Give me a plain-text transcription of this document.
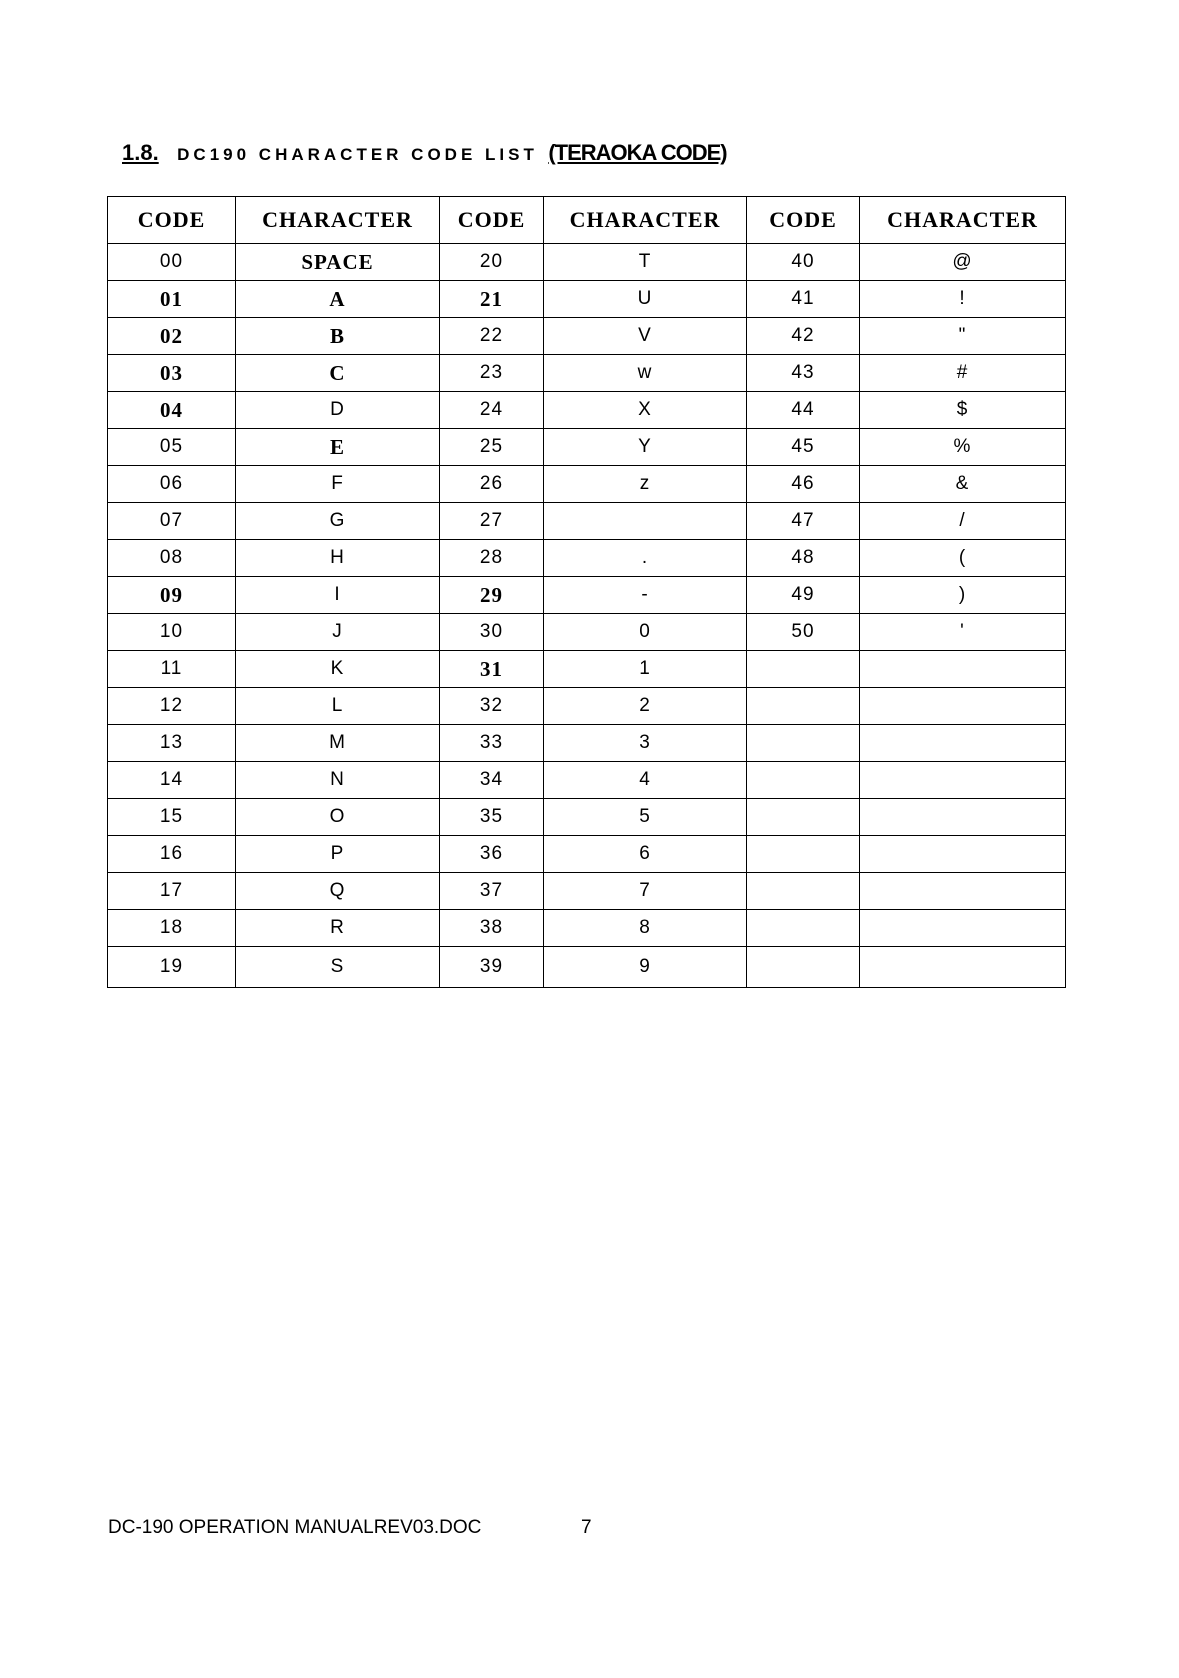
1.8. DC190 CHARACTER CODE LIST (TERAOKA CODE)
CODE	CHARACTER	CODE	CHARACTER	CODE	CHARACTER
00	SPACE	20	T	40	@
01	A	21	U	41	!
02	B	22	V	42	"
03	C	23	w	43	#
04	D	24	X	44	$
05	E	25	Y	45	%
06	F	26	z	46	&
07	G	27		47	/
08	H	28	.	48	(
09	I	29	-	49	)
10	J	30	0	50	'
11	K	31	1		
12	L	32	2		
13	M	33	3		
14	N	34	4		
15	O	35	5		
16	P	36	6		
17	Q	37	7		
18	R	38	8		
19	S	39	9		
DC-190 OPERATION MANUALREV03.DOC	7
